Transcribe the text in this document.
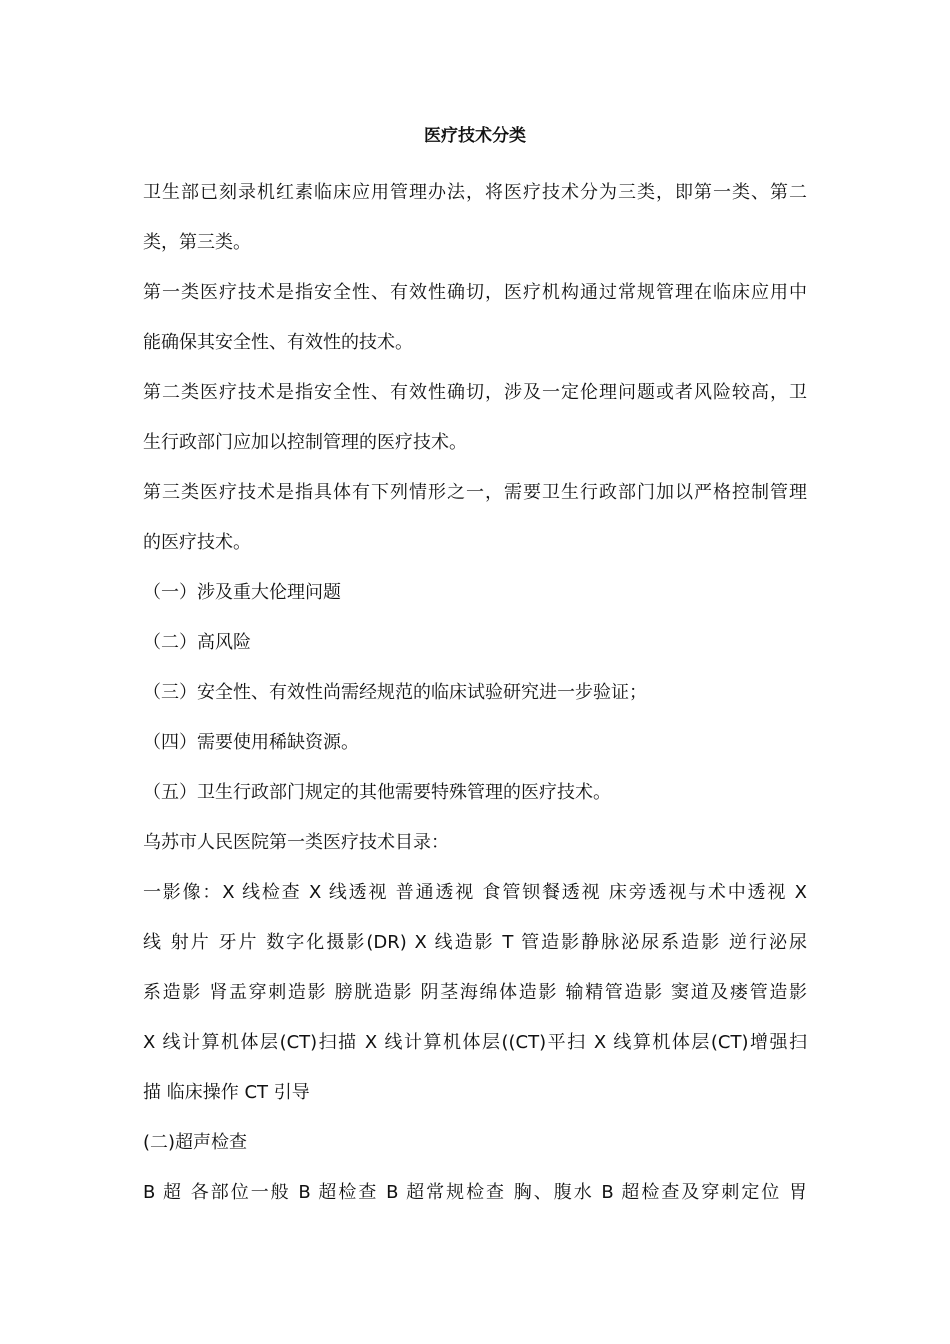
医疗技术分类
卫生部已刻录机红素临床应用管理办法，将医疗技术分为三类，即第一类、第二
类，第三类。
第一类医疗技术是指安全性、有效性确切，医疗机构通过常规管理在临床应用中
能确保其安全性、有效性的技术。
第二类医疗技术是指安全性、有效性确切，涉及一定伦理问题或者风险较高，卫
生行政部门应加以控制管理的医疗技术。
第三类医疗技术是指具体有下列情形之一，需要卫生行政部门加以严格控制管理
的医疗技术。
（一）涉及重大伦理问题
（二）高风险
（三）安全性、有效性尚需经规范的临床试验研究进一步验证；
（四）需要使用稀缺资源。
（五）卫生行政部门规定的其他需要特殊管理的医疗技术。
乌苏市人民医院第一类医疗技术目录：
一影像：X 线检查 X 线透视 普通透视 食管钡餐透视 床旁透视与术中透视 X
线 射片 牙片 数字化摄影(DR) X 线造影 T 管造影静脉泌尿系造影 逆行泌尿
系造影 肾盂穿刺造影 膀胱造影 阴茎海绵体造影 输精管造影 窦道及瘘管造影
X 线计算机体层(CT)扫描 X 线计算机体层((CT)平扫 X 线算机体层(CT)增强扫
描 临床操作 CT 引导
(二)超声检查
B 超 各部位一般 B 超检查 B 超常规检查 胸、腹水 B 超检查及穿刺定位 胃
